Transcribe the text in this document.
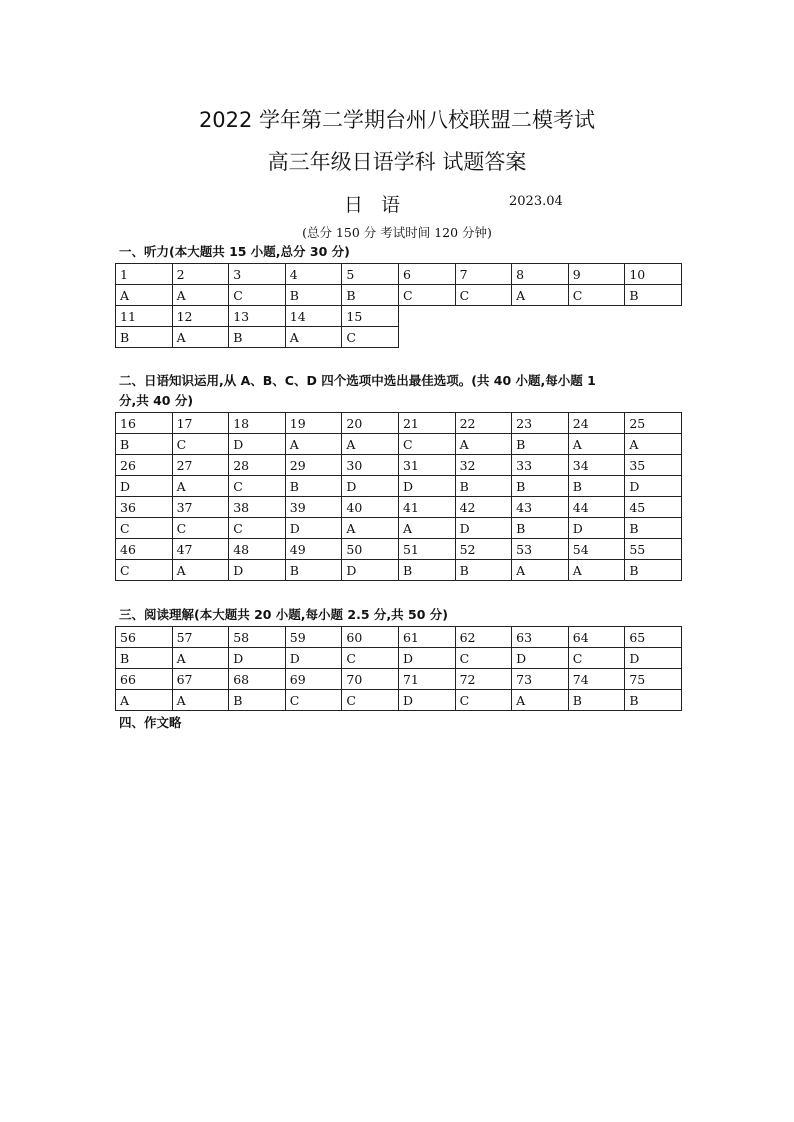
2022 学年第二学期台州八校联盟二模考试
高三年级日语学科 试题答案
日语	2023.04
(总分 150 分 考试时间 120 分钟)
一、听力(本大题共 15 小题,总分 30 分)
1	2	3	4	5	6	7	8	9	10
A	A	C	B	B	C	C	A	C	B
11	12	13	14	15					
B	A	B	A	C					
二、日语知识运用,从 A、B、C、D 四个选项中选出最佳选项。(共 40 小题,每小题 1
分,共 40 分)
16	17	18	19	20	21	22	23	24	25
B	C	D	A	A	C	A	B	A	A
26	27	28	29	30	31	32	33	34	35
D	A	C	B	D	D	B	B	B	D
36	37	38	39	40	41	42	43	44	45
C	C	C	D	A	A	D	B	D	B
46	47	48	49	50	51	52	53	54	55
C	A	D	B	D	B	B	A	A	B
三、阅读理解(本大题共 20 小题,每小题 2.5 分,共 50 分)
56	57	58	59	60	61	62	63	64	65
B	A	D	D	C	D	C	D	C	D
66	67	68	69	70	71	72	73	74	75
A	A	B	C	C	D	C	A	B	B
四、作文略
